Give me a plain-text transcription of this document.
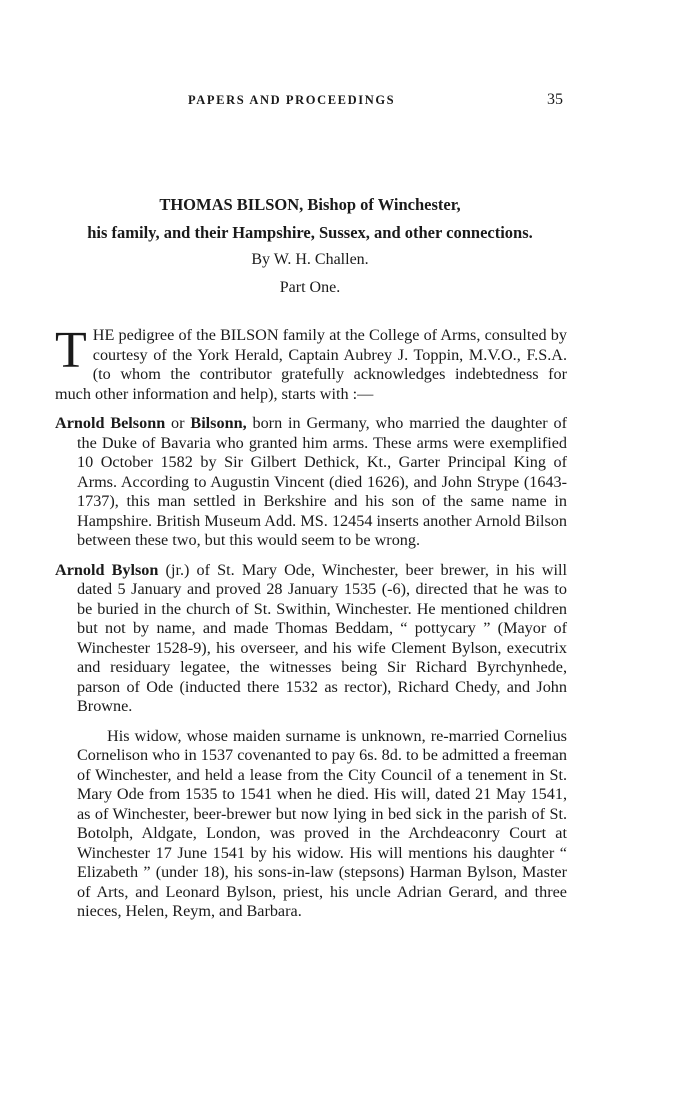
PAPERS AND PROCEEDINGS	35
THOMAS BILSON, Bishop of Winchester,
his family, and their Hampshire, Sussex, and other connections.
By W. H. Challen.
Part One.

THE pedigree of the BILSON family at the College of Arms, consulted by courtesy of the York Herald, Captain Aubrey J. Toppin, M.V.O., F.S.A. (to whom the contributor gratefully acknowledges indebtedness for much other information and help), starts with :—

Arnold Belsonn or Bilsonn, born in Germany, who married the daughter of the Duke of Bavaria who granted him arms. These arms were exemplified 10 October 1582 by Sir Gilbert Dethick, Kt., Garter Principal King of Arms. According to Augustin Vincent (died 1626), and John Strype (1643-1737), this man settled in Berkshire and his son of the same name in Hampshire. British Museum Add. MS. 12454 inserts another Arnold Bilson between these two, but this would seem to be wrong.

Arnold Bylson (jr.) of St. Mary Ode, Winchester, beer brewer, in his will dated 5 January and proved 28 January 1535 (-6), directed that he was to be buried in the church of St. Swithin, Winchester. He mentioned children but not by name, and made Thomas Beddam, “ pottycary ” (Mayor of Winchester 1528-9), his overseer, and his wife Clement Bylson, executrix and residuary legatee, the witnesses being Sir Richard Byrchynhede, parson of Ode (inducted there 1532 as rector), Richard Chedy, and John Browne.

His widow, whose maiden surname is unknown, re-married Cornelius Cornelison who in 1537 covenanted to pay 6s. 8d. to be admitted a freeman of Winchester, and held a lease from the City Council of a tenement in St. Mary Ode from 1535 to 1541 when he died. His will, dated 21 May 1541, as of Winchester, beer-brewer but now lying in bed sick in the parish of St. Botolph, Aldgate, London, was proved in the Archdeaconry Court at Winchester 17 June 1541 by his widow. His will mentions his daughter “ Elizabeth ” (under 18), his sons-in-law (stepsons) Harman Bylson, Master of Arts, and Leonard Bylson, priest, his uncle Adrian Gerard, and three nieces, Helen, Reym, and Barbara.
